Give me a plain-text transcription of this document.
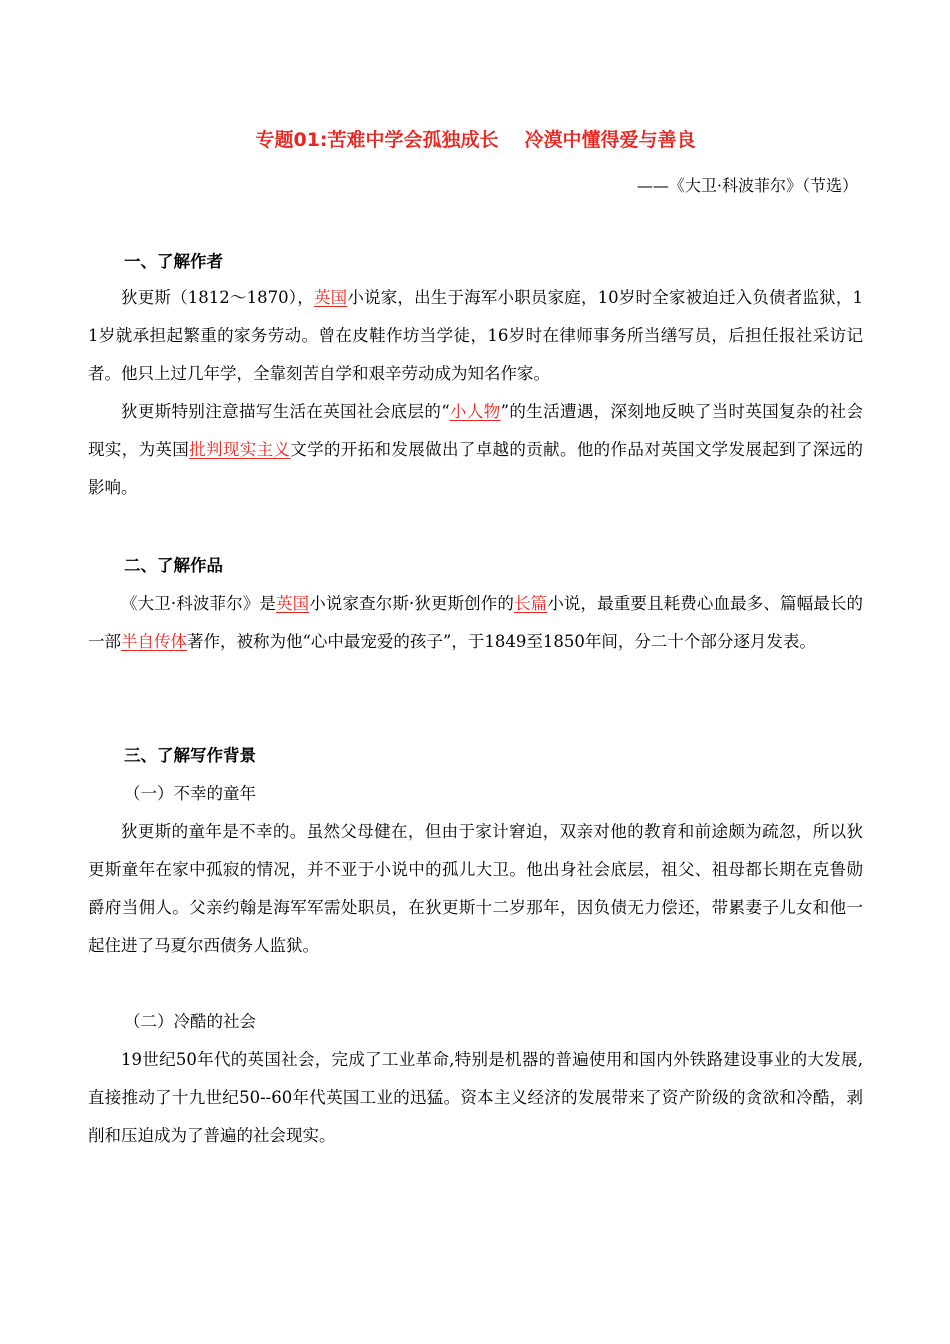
专题01:苦难中学会孤独成长 冷漠中懂得爱与善良
——《大卫·科波菲尔》（节选）
一、了解作者
狄更斯（1812～1870），英国小说家，出生于海军小职员家庭，10岁时全家被迫迁入负债者监狱，11岁就承担起繁重的家务劳动。曾在皮鞋作坊当学徒，16岁时在律师事务所当缮写员，后担任报社采访记者。他只上过几年学，全靠刻苦自学和艰辛劳动成为知名作家。
狄更斯特别注意描写生活在英国社会底层的“小人物”的生活遭遇，深刻地反映了当时英国复杂的社会现实，为英国批判现实主义文学的开拓和发展做出了卓越的贡献。他的作品对英国文学发展起到了深远的影响。
二、了解作品
《大卫·科波菲尔》是英国小说家查尔斯·狄更斯创作的长篇小说，最重要且耗费心血最多、篇幅最长的一部半自传体著作，被称为他“心中最宠爱的孩子”，于1849至1850年间，分二十个部分逐月发表。
三、了解写作背景
（一）不幸的童年
狄更斯的童年是不幸的。虽然父母健在，但由于家计窘迫，双亲对他的教育和前途颇为疏忽，所以狄更斯童年在家中孤寂的情况，并不亚于小说中的孤儿大卫。他出身社会底层，祖父、祖母都长期在克鲁勋爵府当佣人。父亲约翰是海军军需处职员，在狄更斯十二岁那年，因负债无力偿还，带累妻子儿女和他一起住进了马夏尔西债务人监狱。
（二）冷酷的社会
19世纪50年代的英国社会，完成了工业革命,特别是机器的普遍使用和国内外铁路建设事业的大发展,直接推动了十九世纪50--60年代英国工业的迅猛。资本主义经济的发展带来了资产阶级的贪欲和冷酷，剥削和压迫成为了普遍的社会现实。
